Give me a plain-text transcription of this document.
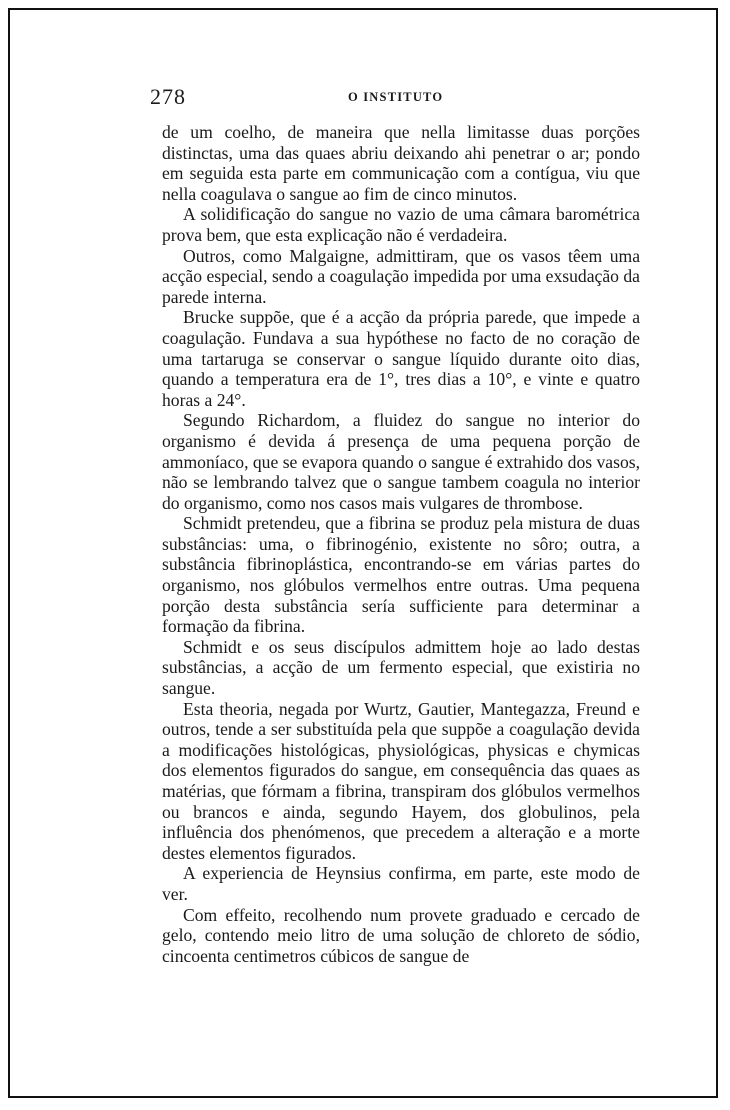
278	O INSTITUTO

de um coelho, de maneira que nella limitasse duas porções distinctas, uma das quaes abriu deixando ahi penetrar o ar; pondo em seguida esta parte em communicação com a contígua, viu que nella coagulava o sangue ao fim de cinco minutos.

A solidificação do sangue no vazio de uma câmara barométrica prova bem, que esta explicação não é verdadeira.

Outros, como Malgaigne, admittiram, que os vasos têem uma acção especial, sendo a coagulação impedida por uma exsudação da parede interna.

Brucke suppõe, que é a acção da própria parede, que impede a coagulação. Fundava a sua hypóthese no facto de no coração de uma tartaruga se conservar o sangue líquido durante oito dias, quando a temperatura era de 1°, tres dias a 10°, e vinte e quatro horas a 24°.

Segundo Richardom, a fluidez do sangue no interior do organismo é devida á presença de uma pequena porção de ammoníaco, que se evapora quando o sangue é extrahido dos vasos, não se lembrando talvez que o sangue tambem coagula no interior do organismo, como nos casos mais vulgares de thrombose.

Schmidt pretendeu, que a fibrina se produz pela mistura de duas substâncias: uma, o fibrinogénio, existente no sôro; outra, a substância fibrinoplástica, encontrando-se em várias partes do organismo, nos glóbulos vermelhos entre outras. Uma pequena porção desta substância sería sufficiente para determinar a formação da fibrina.

Schmidt e os seus discípulos admittem hoje ao lado destas substâncias, a acção de um fermento especial, que existiria no sangue.

Esta theoria, negada por Wurtz, Gautier, Mantegazza, Freund e outros, tende a ser substituída pela que suppõe a coagulação devida a modificações histológicas, physiológicas, physicas e chymicas dos elementos figurados do sangue, em consequência das quaes as matérias, que fórmam a fibrina, transpiram dos glóbulos vermelhos ou brancos e ainda, segundo Hayem, dos globulinos, pela influência dos phenómenos, que precedem a alteração e a morte destes elementos figurados.

A experiencia de Heynsius confirma, em parte, este modo de ver.

Com effeito, recolhendo num provete graduado e cercado de gelo, contendo meio litro de uma solução de chloreto de sódio, cincoenta centimetros cúbicos de sangue de
